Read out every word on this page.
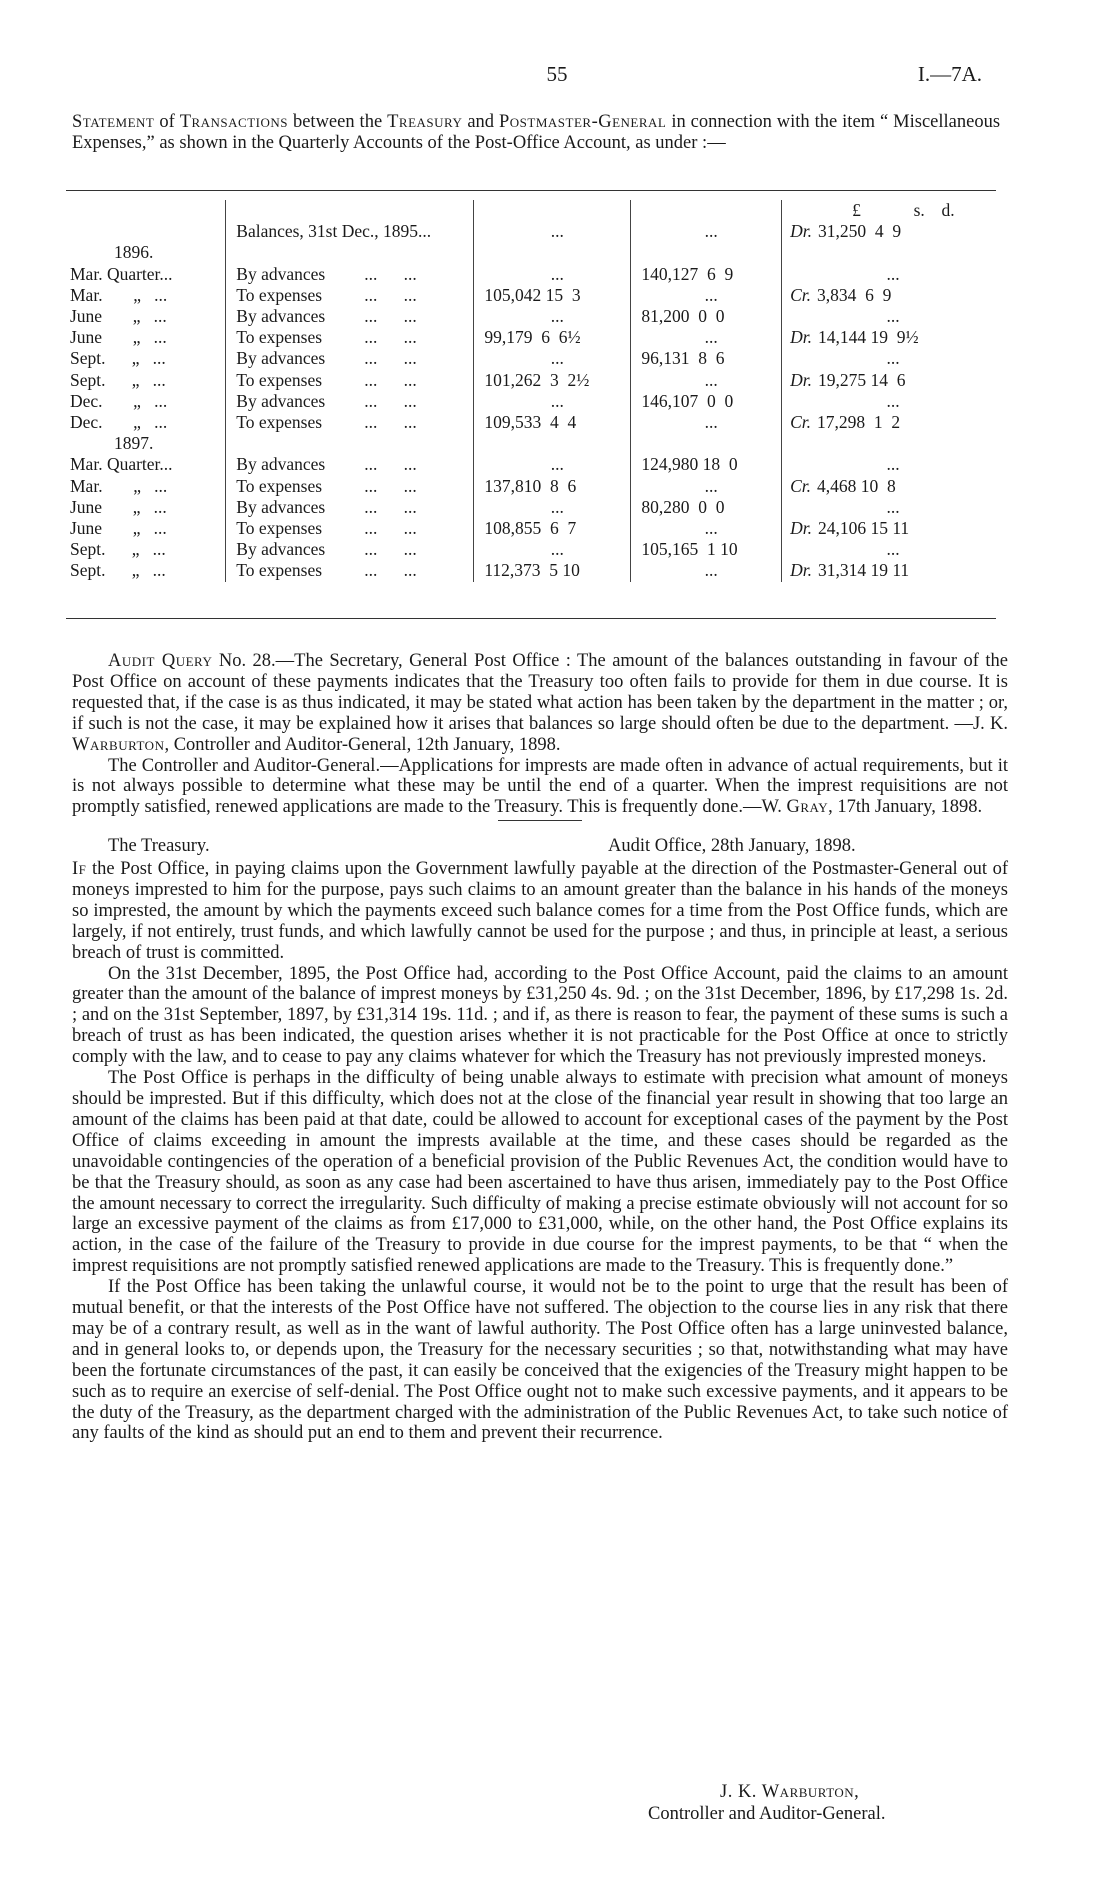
55	I.—7A.
Statement of Transactions between the Treasury and Postmaster-General in connection with the item “ Miscellaneous Expenses,” as shown in the Quarterly Accounts of the Post-Office Account, as under :—
				£ s. d.
	Balances, 31st Dec., 1895...	...	...	Dr. 31,250  4  9
1896.				
Mar. Quarter...	By advances ...      ...	...	140,127  6  9	...
Mar.       „   ...	To expenses ...      ...	105,042 15  3	...	Cr. 3,834  6  9
June       „   ...	By advances ...      ...	...	81,200  0  0	...
June       „   ...	To expenses ...      ...	99,179  6  6½	...	Dr. 14,144 19  9½
Sept.      „   ...	By advances ...      ...	...	96,131  8  6	...
Sept.      „   ...	To expenses ...      ...	101,262  3  2½	...	Dr. 19,275 14  6
Dec.       „   ...	By advances ...      ...	...	146,107  0  0	...
Dec.       „   ...	To expenses ...      ...	109,533  4  4	...	Cr. 17,298  1  2
1897.				
Mar. Quarter...	By advances ...      ...	...	124,980 18  0	...
Mar.       „   ...	To expenses ...      ...	137,810  8  6	...	Cr. 4,468 10  8
June       „   ...	By advances ...      ...	...	80,280  0  0	...
June       „   ...	To expenses ...      ...	108,855  6  7	...	Dr. 24,106 15 11
Sept.      „   ...	By advances ...      ...	...	105,165  1 10	...
Sept.      „   ...	To expenses ...      ...	112,373  5 10	...	Dr. 31,314 19 11

Audit Query No. 28.—The Secretary, General Post Office : The amount of the balances outstanding in favour of the Post Office on account of these payments indicates that the Treasury too often fails to provide for them in due course. It is requested that, if the case is as thus indicated, it may be stated what action has been taken by the department in the matter ; or, if such is not the case, it may be explained how it arises that balances so large should often be due to the department. —J. K. Warburton, Controller and Auditor-General, 12th January, 1898.

The Controller and Auditor-General.—Applications for imprests are made often in advance of actual requirements, but it is not always possible to determine what these may be until the end of a quarter. When the imprest requisitions are not promptly satisfied, renewed applications are made to the Treasury. This is frequently done.—W. Gray, 17th January, 1898.

The Treasury.	Audit Office, 28th January, 1898.

If the Post Office, in paying claims upon the Government lawfully payable at the direction of the Postmaster-General out of moneys imprested to him for the purpose, pays such claims to an amount greater than the balance in his hands of the moneys so imprested, the amount by which the payments exceed such balance comes for a time from the Post Office funds, which are largely, if not entirely, trust funds, and which lawfully cannot be used for the purpose ; and thus, in principle at least, a serious breach of trust is committed.

On the 31st December, 1895, the Post Office had, according to the Post Office Account, paid the claims to an amount greater than the amount of the balance of imprest moneys by £31,250 4s. 9d. ; on the 31st December, 1896, by £17,298 1s. 2d. ; and on the 31st September, 1897, by £31,314 19s. 11d. ; and if, as there is reason to fear, the payment of these sums is such a breach of trust as has been indicated, the question arises whether it is not practicable for the Post Office at once to strictly comply with the law, and to cease to pay any claims whatever for which the Treasury has not previously imprested moneys.

The Post Office is perhaps in the difficulty of being unable always to estimate with precision what amount of moneys should be imprested. But if this difficulty, which does not at the close of the financial year result in showing that too large an amount of the claims has been paid at that date, could be allowed to account for exceptional cases of the payment by the Post Office of claims exceeding in amount the imprests available at the time, and these cases should be regarded as the unavoidable contingencies of the operation of a beneficial provision of the Public Revenues Act, the condition would have to be that the Treasury should, as soon as any case had been ascertained to have thus arisen, immediately pay to the Post Office the amount necessary to correct the irregularity. Such difficulty of making a precise estimate obviously will not account for so large an excessive payment of the claims as from £17,000 to £31,000, while, on the other hand, the Post Office explains its action, in the case of the failure of the Treasury to provide in due course for the imprest payments, to be that “ when the imprest requisitions are not promptly satisfied renewed applications are made to the Treasury. This is frequently done.”

If the Post Office has been taking the unlawful course, it would not be to the point to urge that the result has been of mutual benefit, or that the interests of the Post Office have not suffered. The objection to the course lies in any risk that there may be of a contrary result, as well as in the want of lawful authority. The Post Office often has a large uninvested balance, and in general looks to, or depends upon, the Treasury for the necessary securities ; so that, notwithstanding what may have been the fortunate circumstances of the past, it can easily be conceived that the exigencies of the Treasury might happen to be such as to require an exercise of self-denial. The Post Office ought not to make such excessive payments, and it appears to be the duty of the Treasury, as the department charged with the administration of the Public Revenues Act, to take such notice of any faults of the kind as should put an end to them and prevent their recurrence.

J. K. Warburton,
Controller and Auditor-General.
